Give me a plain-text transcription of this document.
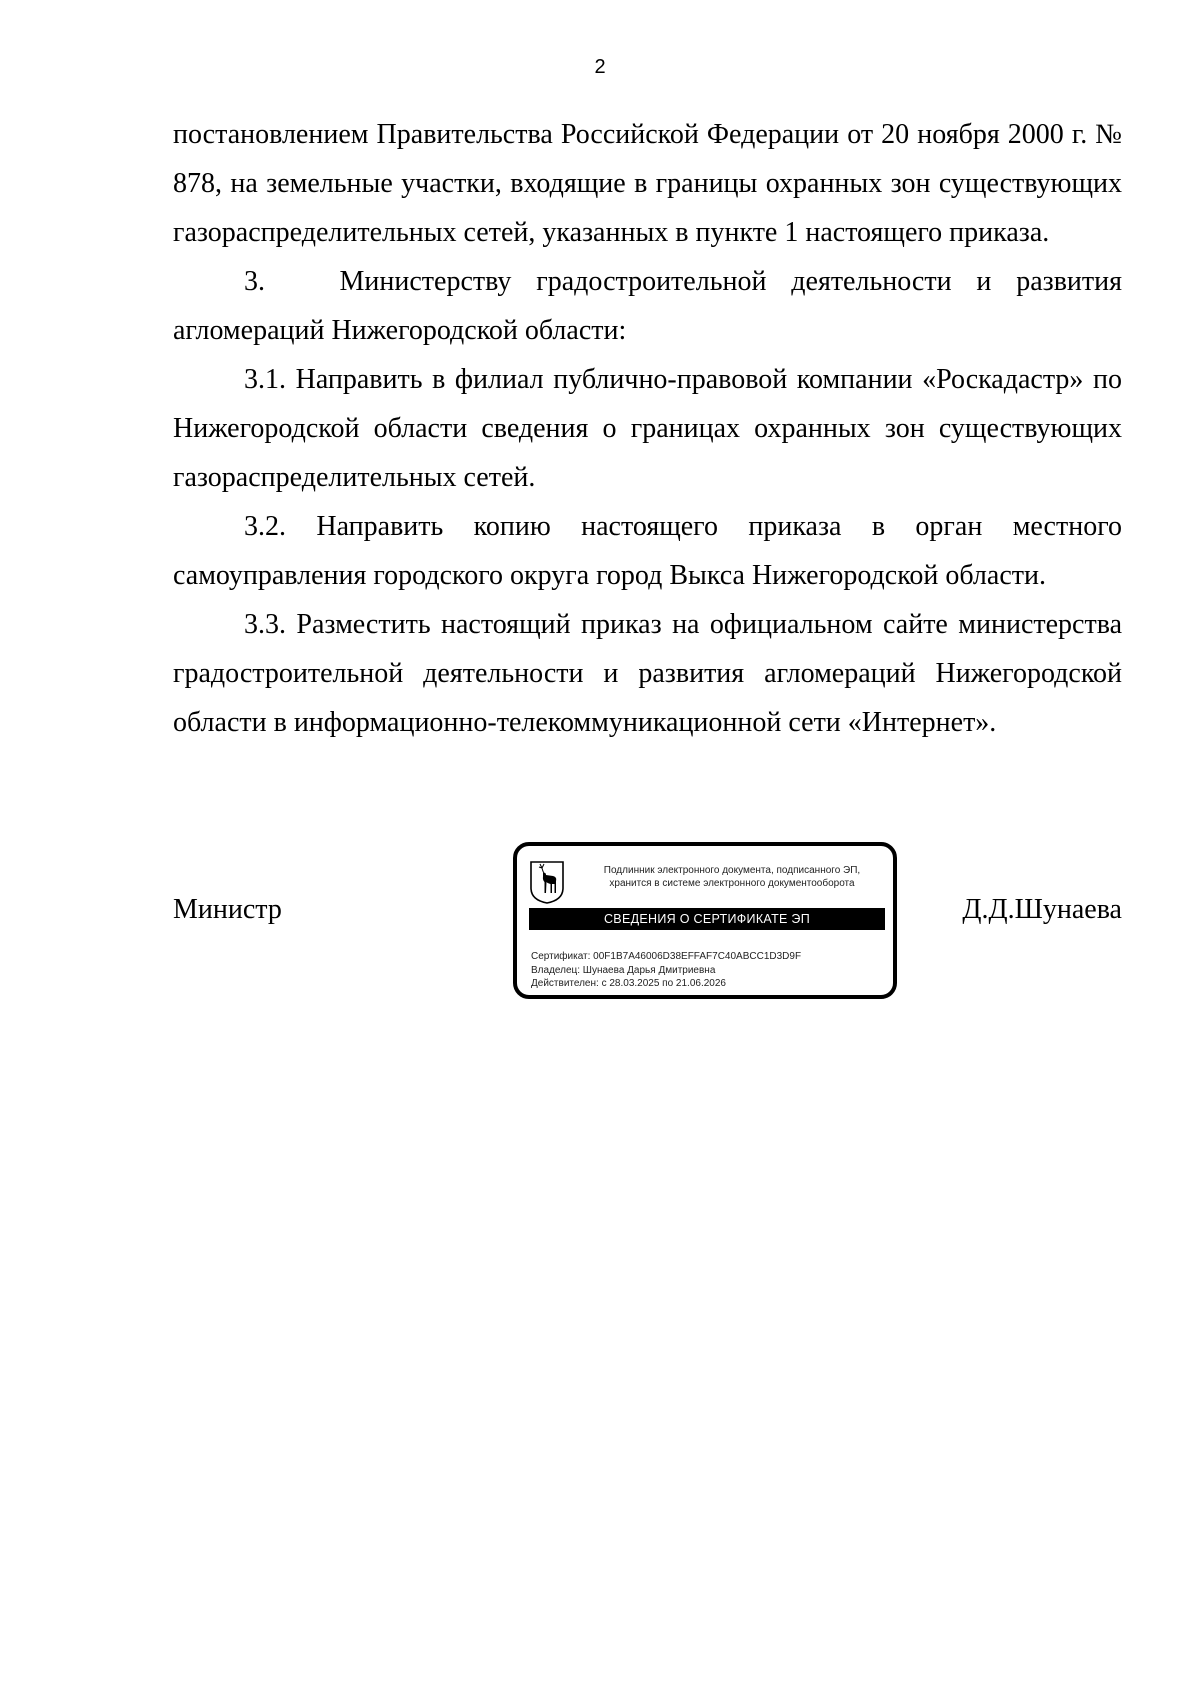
2

постановлением Правительства Российской Федерации от 20 ноября 2000 г. № 878, на земельные участки, входящие в границы охранных зон существующих газораспределительных сетей, указанных в пункте 1 настоящего приказа.

3.   Министерству градостроительной деятельности и развития агломераций Нижегородской области:

3.1. Направить в филиал публично-правовой компании «Роскадастр» по Нижегородской области сведения о границах охранных зон существующих газораспределительных сетей.

3.2. Направить копию настоящего приказа в орган местного самоуправления городского округа город Выкса Нижегородской области.

3.3. Разместить настоящий приказ на официальном сайте министерства градостроительной деятельности и развития агломераций Нижегородской области в информационно-телекоммуникационной сети «Интернет».

Министр	Д.Д.Шунаева
Подлинник электронного документа, подписанного ЭП,
хранится в системе электронного документооборота
СВЕДЕНИЯ О СЕРТИФИКАТЕ ЭП
Сертификат: 00F1B7A46006D38EFFAF7C40ABCC1D3D9F
Владелец: Шунаева Дарья Дмитриевна
Действителен: с 28.03.2025 по 21.06.2026
